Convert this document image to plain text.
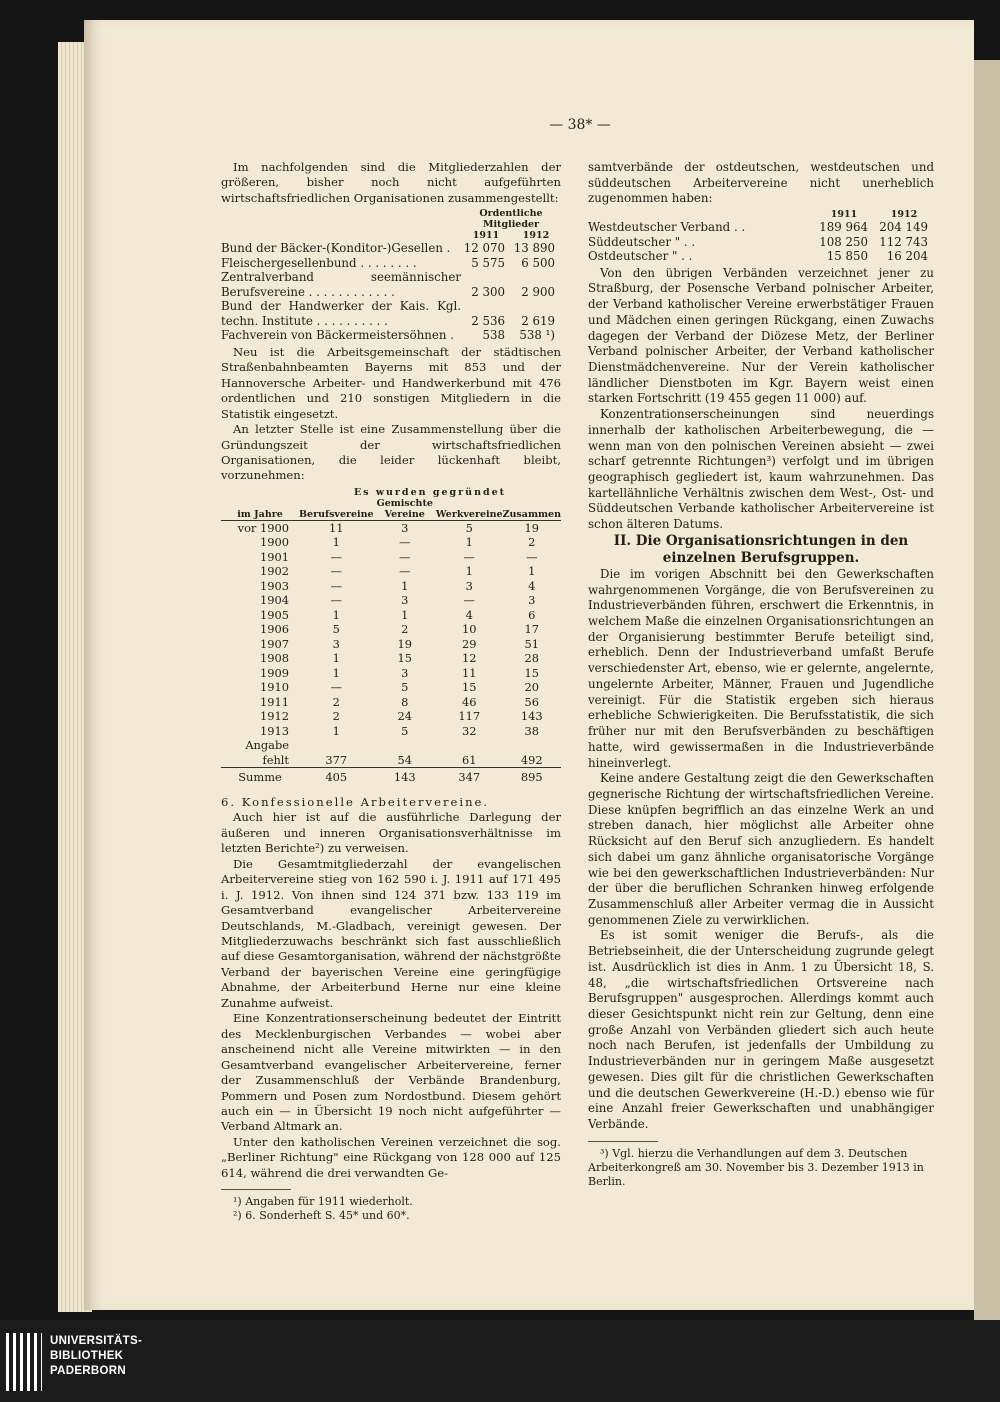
— 38* —

Im nachfolgenden sind die Mitgliederzahlen der größeren, bisher noch nicht aufgeführten wirtschaftsfriedlichen Organisationen zusammengestellt:

	Ordentliche Mitglieder	
	1911	1912
Bund der Bäcker-(Konditor-)Gesellen .	12 070	13 890
Fleischergesellenbund . . . . . . . .	5 575	6 500
Zentralverband seemännischer Berufsvereine . . . . . . . . . . . .	2 300	2 900
Bund der Handwerker der Kais. Kgl. techn. Institute . . . . . . . . . .	2 536	2 619
Fachverein von Bäckermeistersöhnen .	538	538 ¹)

Neu ist die Arbeitsgemeinschaft der städtischen Straßenbahnbeamten Bayerns mit 853 und der Hannoversche Arbeiter- und Handwerkerbund mit 476 ordentlichen und 210 sonstigen Mitgliedern in die Statistik eingesetzt.

An letzter Stelle ist eine Zusammenstellung über die Gründungszeit der wirtschaftsfriedlichen Organisationen, die leider lückenhaft bleibt, vorzunehmen:

	Es wurden gegründet			
im Jahre	Berufsvereine	Gemischte Vereine	Werkvereine	Zusammen
vor 1900	11	3	5	19
1900	1	—	1	2
1901	—	—	—	—
1902	—	—	1	1
1903	—	1	3	4
1904	—	3	—	3
1905	1	1	4	6
1906	5	2	10	17
1907	3	19	29	51
1908	1	15	12	28
1909	1	3	11	15
1910	—	5	15	20
1911	2	8	46	56
1912	2	24	117	143
1913	1	5	32	38
Angabe fehlt	377	54	61	492
Summe	405	143	347	895

6. Konfessionelle Arbeitervereine.

Auch hier ist auf die ausführliche Darlegung der äußeren und inneren Organisationsverhältnisse im letzten Berichte²) zu verweisen.

Die Gesamtmitgliederzahl der evangelischen Arbeitervereine stieg von 162 590 i. J. 1911 auf 171 495 i. J. 1912. Von ihnen sind 124 371 bzw. 133 119 im Gesamtverband evangelischer Arbeitervereine Deutschlands, M.-Gladbach, vereinigt gewesen. Der Mitgliederzuwachs beschränkt sich fast ausschließlich auf diese Gesamtorganisation, während der nächstgrößte Verband der bayerischen Vereine eine geringfügige Abnahme, der Arbeiterbund Herne nur eine kleine Zunahme aufweist.

Eine Konzentrationserscheinung bedeutet der Eintritt des Mecklenburgischen Verbandes — wobei aber anscheinend nicht alle Vereine mitwirkten — in den Gesamtverband evangelischer Arbeitervereine, ferner der Zusammenschluß der Verbände Brandenburg, Pommern und Posen zum Nordostbund. Diesem gehört auch ein — in Übersicht 19 noch nicht aufgeführter — Verband Altmark an.

Unter den katholischen Vereinen verzeichnet die sog. „Berliner Richtung" eine Rückgang von 128 000 auf 125 614, während die drei verwandten Ge-

¹) Angaben für 1911 wiederholt.

²) 6. Sonderheft S. 45* und 60*.

samtverbände der ostdeutschen, westdeutschen und süddeutschen Arbeitervereine nicht unerheblich zugenommen haben:

	1911	1912
Westdeutscher Verband . .	189 964	204 149
Süddeutscher " . .	108 250	112 743
Ostdeutscher " . .	15 850	16 204

Von den übrigen Verbänden verzeichnet jener zu Straßburg, der Posensche Verband polnischer Arbeiter, der Verband katholischer Vereine erwerbstätiger Frauen und Mädchen einen geringen Rückgang, einen Zuwachs dagegen der Verband der Diözese Metz, der Berliner Verband polnischer Arbeiter, der Verband katholischer Dienstmädchenvereine. Nur der Verein katholischer ländlicher Dienstboten im Kgr. Bayern weist einen starken Fortschritt (19 455 gegen 11 000) auf.

Konzentrationserscheinungen sind neuerdings innerhalb der katholischen Arbeiterbewegung, die — wenn man von den polnischen Vereinen absieht — zwei scharf getrennte Richtungen³) verfolgt und im übrigen geographisch gegliedert ist, kaum wahrzunehmen. Das kartellähnliche Verhältnis zwischen dem West-, Ost- und Süddeutschen Verbande katholischer Arbeitervereine ist schon älteren Datums.

II. Die Organisationsrichtungen in den einzelnen Berufsgruppen.

Die im vorigen Abschnitt bei den Gewerkschaften wahrgenommenen Vorgänge, die von Berufsvereinen zu Industrieverbänden führen, erschwert die Erkenntnis, in welchem Maße die einzelnen Organisationsrichtungen an der Organisierung bestimmter Berufe beteiligt sind, erheblich. Denn der Industrieverband umfaßt Berufe verschiedenster Art, ebenso, wie er gelernte, angelernte, ungelernte Arbeiter, Männer, Frauen und Jugendliche vereinigt. Für die Statistik ergeben sich hieraus erhebliche Schwierigkeiten. Die Berufsstatistik, die sich früher nur mit den Berufsverbänden zu beschäftigen hatte, wird gewissermaßen in die Industrieverbände hineinverlegt.

Keine andere Gestaltung zeigt die den Gewerkschaften gegnerische Richtung der wirtschaftsfriedlichen Vereine. Diese knüpfen begrifflich an das einzelne Werk an und streben danach, hier möglichst alle Arbeiter ohne Rücksicht auf den Beruf sich anzugliedern. Es handelt sich dabei um ganz ähnliche organisatorische Vorgänge wie bei den gewerkschaftlichen Industrieverbänden: Nur der über die beruflichen Schranken hinweg erfolgende Zusammenschluß aller Arbeiter vermag die in Aussicht genommenen Ziele zu verwirklichen.

Es ist somit weniger die Berufs-, als die Betriebseinheit, die der Unterscheidung zugrunde gelegt ist. Ausdrücklich ist dies in Anm. 1 zu Übersicht 18, S. 48, „die wirtschaftsfriedlichen Ortsvereine nach Berufsgruppen" ausgesprochen. Allerdings kommt auch dieser Gesichtspunkt nicht rein zur Geltung, denn eine große Anzahl von Verbänden gliedert sich auch heute noch nach Berufen, ist jedenfalls der Umbildung zu Industrieverbänden nur in geringem Maße ausgesetzt gewesen. Dies gilt für die christlichen Gewerkschaften und die deutschen Gewerkvereine (H.-D.) ebenso wie für eine Anzahl freier Gewerkschaften und unabhängiger Verbände.

³) Vgl. hierzu die Verhandlungen auf dem 3. Deutschen Arbeiterkongreß am 30. November bis 3. Dezember 1913 in Berlin.

UNIVERSITÄTS-
BIBLIOTHEK
PADERBORN
